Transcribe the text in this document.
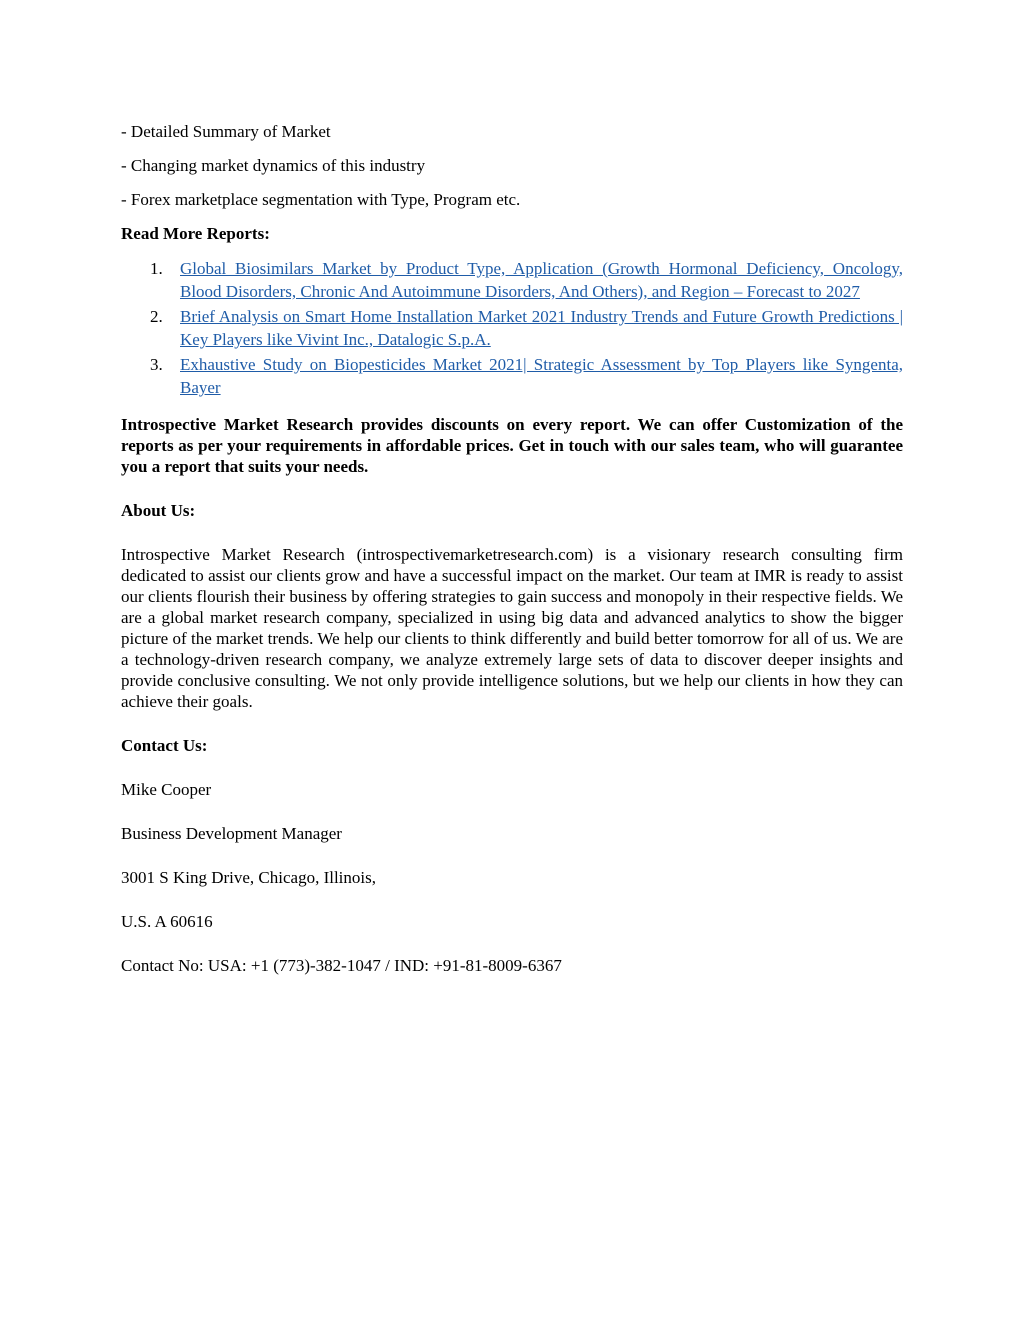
- Detailed Summary of Market
- Changing market dynamics of this industry
- Forex marketplace segmentation with Type, Program etc.
Read More Reports:
1. Global Biosimilars Market by Product Type, Application (Growth Hormonal Deficiency, Oncology, Blood Disorders, Chronic And Autoimmune Disorders, And Others), and Region – Forecast to 2027
2. Brief Analysis on Smart Home Installation Market 2021 Industry Trends and Future Growth Predictions | Key Players like Vivint Inc., Datalogic S.p.A.
3. Exhaustive Study on Biopesticides Market 2021| Strategic Assessment by Top Players like Syngenta, Bayer
Introspective Market Research provides discounts on every report. We can offer Customization of the reports as per your requirements in affordable prices. Get in touch with our sales team, who will guarantee you a report that suits your needs.
About Us:
Introspective Market Research (introspectivemarketresearch.com) is a visionary research consulting firm dedicated to assist our clients grow and have a successful impact on the market. Our team at IMR is ready to assist our clients flourish their business by offering strategies to gain success and monopoly in their respective fields. We are a global market research company, specialized in using big data and advanced analytics to show the bigger picture of the market trends. We help our clients to think differently and build better tomorrow for all of us. We are a technology-driven research company, we analyze extremely large sets of data to discover deeper insights and provide conclusive consulting. We not only provide intelligence solutions, but we help our clients in how they can achieve their goals.
Contact Us:
Mike Cooper
Business Development Manager
3001 S King Drive, Chicago, Illinois,
U.S. A 60616
Contact No: USA: +1 (773)-382-1047 / IND: +91-81-8009-6367
